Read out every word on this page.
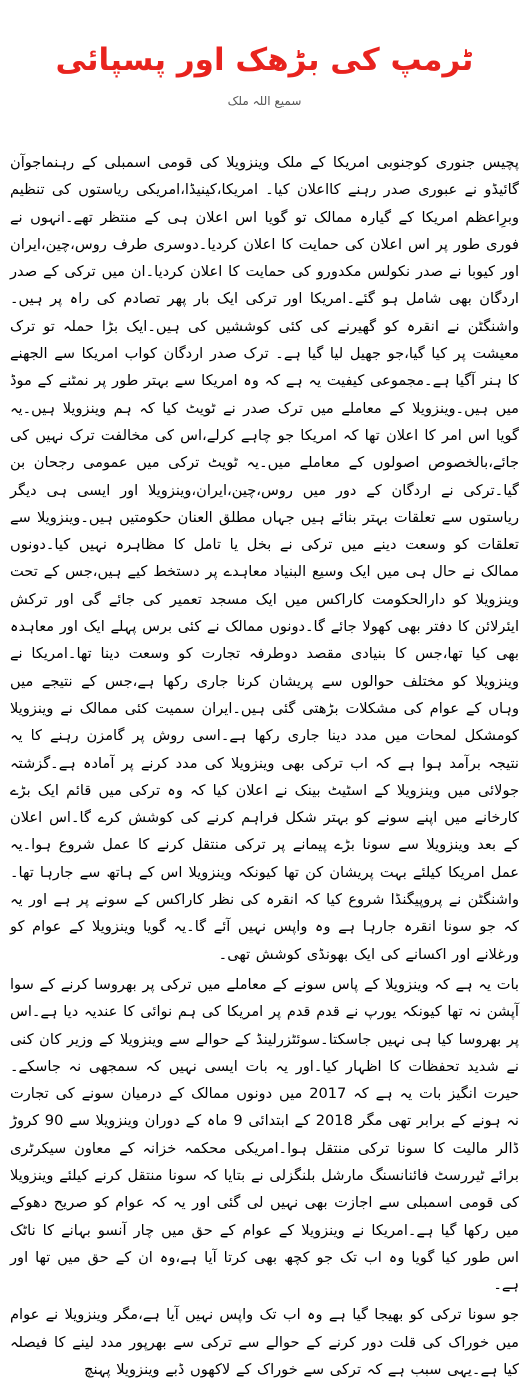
ٹرمپ کی بڑھک اور پسپائی
سمیع اللہ ملک

پچیس جنوری کوجنوبی امریکا کے ملک وینزویلا کی قومی اسمبلی کے رہنماجوآن گائیڈو نے عبوری صدر رہنے کااعلان کیا۔ امریکا،کینیڈا،امریکی ریاستوں کی تنظیم وبرِاعظم امریکا کے گیارہ ممالک تو گویا اس اعلان ہی کے منتظر تھے۔انہوں نے فوری طور پر اس اعلان کی حمایت کا اعلان کردیا۔دوسری طرف روس،چین،ایران اور کیوبا نے صدر نکولس مکدورو کی حمایت کا اعلان کردیا۔ان میں ترکی کے صدر اردگان بھی شامل ہو گئے۔امریکا اور ترکی ایک بار پھر تصادم کی راہ پر ہیں۔واشنگٹن نے انقرہ کو گھیرنے کی کئی کوششیں کی ہیں۔ایک بڑا حملہ تو ترک معیشت پر کیا گیا،جو جھیل لیا گیا ہے۔ ترک صدر اردگان کواب امریکا سے الجھنے کا ہنر آگیا ہے۔مجموعی کیفیت یہ ہے کہ وہ امریکا سے بہتر طور پر نمٹنے کے موڈ میں ہیں۔وینزویلا کے معاملے میں ترک صدر نے ٹویٹ کیا کہ ہم وینزویلا ہیں۔یہ گویا اس امر کا اعلان تھا کہ امریکا جو چاہے کرلے،اس کی مخالفت ترک نہیں کی جائے،بالخصوص اصولوں کے معاملے میں۔یہ ٹویٹ ترکی میں عمومی رجحان بن گیا۔ترکی نے اردگان کے دور میں روس،چین،ایران،وینزویلا اور ایسی ہی دیگر ریاستوں سے تعلقات بہتر بنائے ہیں جہاں مطلق العنان حکومتیں ہیں۔وینزویلا سے تعلقات کو وسعت دینے میں ترکی نے بخل یا تامل کا مظاہرہ نہیں کیا۔دونوں ممالک نے حال ہی میں ایک وسیع البنیاد معاہدے پر دستخط کیے ہیں،جس کے تحت وینزویلا کو دارالحکومت کاراکس میں ایک مسجد تعمیر کی جائے گی اور ترکش ایئرلائن کا دفتر بھی کھولا جائے گا۔دونوں ممالک نے کئی برس پہلے ایک اور معاہدہ بھی کیا تھا،جس کا بنیادی مقصد دوطرفہ تجارت کو وسعت دینا تھا۔امریکا نے وینزویلا کو مختلف حوالوں سے پریشان کرنا جاری رکھا ہے،جس کے نتیجے میں وہاں کے عوام کی مشکلات بڑھتی گئی ہیں۔ایران سمیت کئی ممالک نے وینزویلا کومشکل لمحات میں مدد دینا جاری رکھا ہے۔اسی روش پر گامزن رہنے کا یہ نتیجہ برآمد ہوا ہے کہ اب ترکی بھی وینزویلا کی مدد کرنے پر آمادہ ہے۔گزشتہ جولائی میں وینزویلا کے اسٹیٹ بینک نے اعلان کیا کہ وہ ترکی میں قائم ایک بڑے کارخانے میں اپنے سونے کو بہتر شکل فراہم کرنے کی کوشش کرے گا۔اس اعلان کے بعد وینزویلا سے سونا بڑے پیمانے پر ترکی منتقل کرنے کا عمل شروع ہوا۔یہ عمل امریکا کیلئے بہت پریشان کن تھا کیونکہ وینزویلا اس کے ہاتھ سے جارہا تھا۔واشنگٹن نے پروپیگنڈا شروع کیا کہ انقرہ کی نظر کاراکس کے سونے پر ہے اور یہ کہ جو سونا انقرہ جارہا ہے وہ واپس نہیں آئے گا۔یہ گویا وینزویلا کے عوام کو ورغلانے اور اکسانے کی ایک بھونڈی کوشش تھی۔

بات یہ ہے کہ وینزویلا کے پاس سونے کے معاملے میں ترکی پر بھروسا کرنے کے سوا آپشن نہ تھا کیونکہ یورپ نے قدم قدم پر امریکا کی ہم نوائی کا عندیہ دیا ہے۔اس پر بھروسا کیا ہی نہیں جاسکتا۔سوئٹزرلینڈ کے حوالے سے وینزویلا کے وزیر کان کنی نے شدید تحفظات کا اظہار کیا۔اور یہ بات ایسی نہیں کہ سمجھی نہ جاسکے۔حیرت انگیز بات یہ ہے کہ 2017 میں دونوں ممالک کے درمیان سونے کی تجارت نہ ہونے کے برابر تھی مگر 2018 کے ابتدائی 9 ماہ کے دوران وینزویلا سے 90 کروڑ ڈالر مالیت کا سونا ترکی منتقل ہوا۔امریکی محکمہ خزانہ کے معاون سیکرٹری برائے ٹیررسٹ فائنانسنگ مارشل بلنگزلی نے بتایا کہ سونا منتقل کرنے کیلئے وینزویلا کی قومی اسمبلی سے اجازت بھی نہیں لی گئی اور یہ کہ عوام کو صریح دھوکے میں رکھا گیا ہے۔امریکا نے وینزویلا کے عوام کے حق میں چار آنسو بہانے کا ناٹک اس طور کیا گویا وہ اب تک جو کچھ بھی کرتا آیا ہے،وہ ان کے حق میں تھا اور ہے۔

جو سونا ترکی کو بھیجا گیا ہے وہ اب تک واپس نہیں آیا ہے،مگر وینزویلا نے عوام میں خوراک کی قلت دور کرنے کے حوالے سے ترکی سے بھرپور مدد لینے کا فیصلہ کیا ہے۔یہی سبب ہے کہ ترکی سے خوراک کے لاکھوں ڈبے وینزویلا پہنچ
